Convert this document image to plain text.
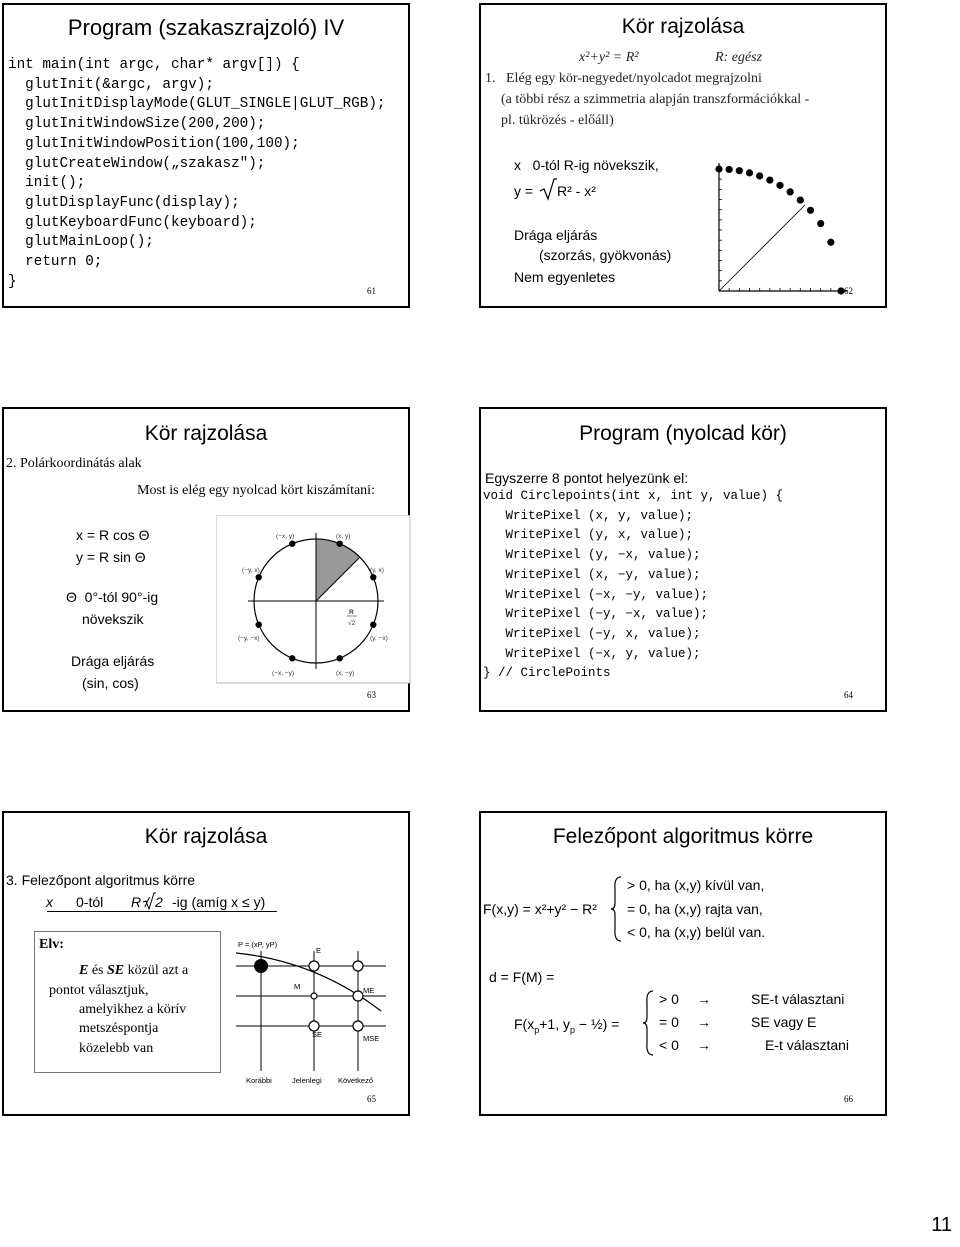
Program (szakaszrajzoló) IV
int main(int argc, char* argv[]) {
glutInit(&argc, argv);
glutInitDisplayMode(GLUT_SINGLE|GLUT_RGB);
glutInitWindowSize(200,200);
glutInitWindowPosition(100,100);
glutCreateWindow(„szakasz");
init();
glutDisplayFunc(display);
glutKeyboardFunc(keyboard);
glutMainLoop();
return 0;
}
61
Kör rajzolása
x²+y² = R²	R: egész
1.   Elég egy kör-negyedet/nyolcadot megrajzolni
(a többi rész a szimmetria alapján transzformációkkal -
pl. tükrözés - előáll)
x   0-tól R-ig növekszik,
y = R² - x²
Drága eljárás
(szorzás, gyökvonás)
Nem egyenletes
62
Kör rajzolása
2. Polárkoordinátás alak
Most is elég egy nyolcad kört kiszámítani:
x = R cos Θ
y = R sin Θ
Θ  0°-tól 90°-ig
növekszik
Drága eljárás
(sin, cos)
(−x, y)	(x, y)
(−y, x)	(y, x)
(−y, −x)	(y, −x)
(−x, −y)	(x, −y)
R
√2
63
Program (nyolcad kör)
Egyszerre 8 pontot helyezünk el:
void Circlepoints(int x, int y, value) {
WritePixel (x, y, value);
WritePixel (y, x, value);
WritePixel (y, −x, value);
WritePixel (x, −y, value);
WritePixel (−x, −y, value);
WritePixel (−y, −x, value);
WritePixel (−y, x, value);
WritePixel (−x, y, value);
} // CirclePoints
64
Kör rajzolása
3. Felezőpont algoritmus körre
x 0-tól R / 2 -ig (amíg x ≤ y)
Elv:
E és SE közül azt a
pontot választjuk,
amelyikhez a körív
metszéspontja
közelebb van
P = (xP, yP)
E
M	ME
SE	MSE
Korábbi	Jelenlegi Következő
65
Felezőpont algoritmus körre
F(x,y) = x²+y² − R²
> 0, ha (x,y) kívül van,
= 0, ha (x,y) rajta van,
< 0, ha (x,y) belül van.
d = F(M) =
$F(x_p+1$, $y_p$ − ½) =
> 0 →	SE-t választani
= 0 →	SE vagy E
< 0 →	E-t választani
66
11
